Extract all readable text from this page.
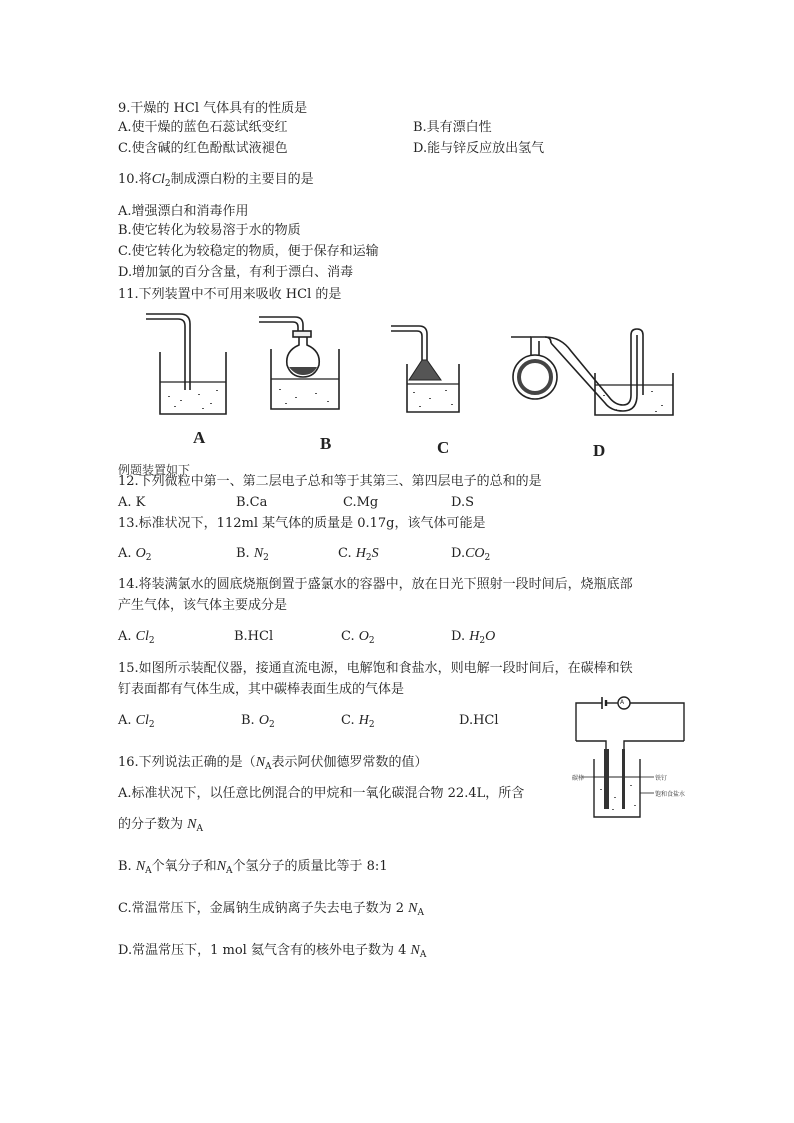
9.干燥的 HCl 气体具有的性质是
A.使干燥的蓝色石蕊试纸变红	B.具有漂白性
C.使含碱的红色酚酞试液褪色	D.能与锌反应放出氢气
10.将$Cl_2$制成漂白粉的主要目的是
A.增强漂白和消毒作用
B.使它转化为较易溶于水的物质
C.使它转化为较稳定的物质，便于保存和运输
D.增加氯的百分含量，有利于漂白、消毒
11.下列装置中不可用来吸收 HCl 的是
A	B	C	D
例题装置如下
12.下列微粒中第一、第二层电子总和等于其第三、第四层电子的总和的是
A. K	B.Ca	C.Mg	D.S
13.标准状况下，112ml 某气体的质量是 0.17g，该气体可能是
A. $O_2$	B. $N_2$	C. $H_2S$	$D.CO_2$
14.将装满氯水的圆底烧瓶倒置于盛氯水的容器中，放在日光下照射一段时间后，烧瓶底部
产生气体，该气体主要成分是
A. $Cl_2$	B.HCl	C. $O_2$	D. $H_2O$
15.如图所示装配仪器，接通直流电源，电解饱和食盐水，则电解一段时间后，在碳棒和铁
钉表面都有气体生成，其中碳棒表面生成的气体是
A. $Cl_2$	B. $O_2$	C. $H_2$	D.HCl
A
碳棒	铁钉
饱和食盐水
16.下列说法正确的是（$N_A$表示阿伏伽德罗常数的值）
A.标准状况下，以任意比例混合的甲烷和一氧化碳混合物 22.4L，所含
的分子数为 $N_A$
B. $N_A$个氧分子和$N_A$个氢分子的质量比等于 8:1
C.常温常压下，金属钠生成钠离子失去电子数为 2 $N_A$
D.常温常压下，1 mol 氦气含有的核外电子数为 4 $N_A$
